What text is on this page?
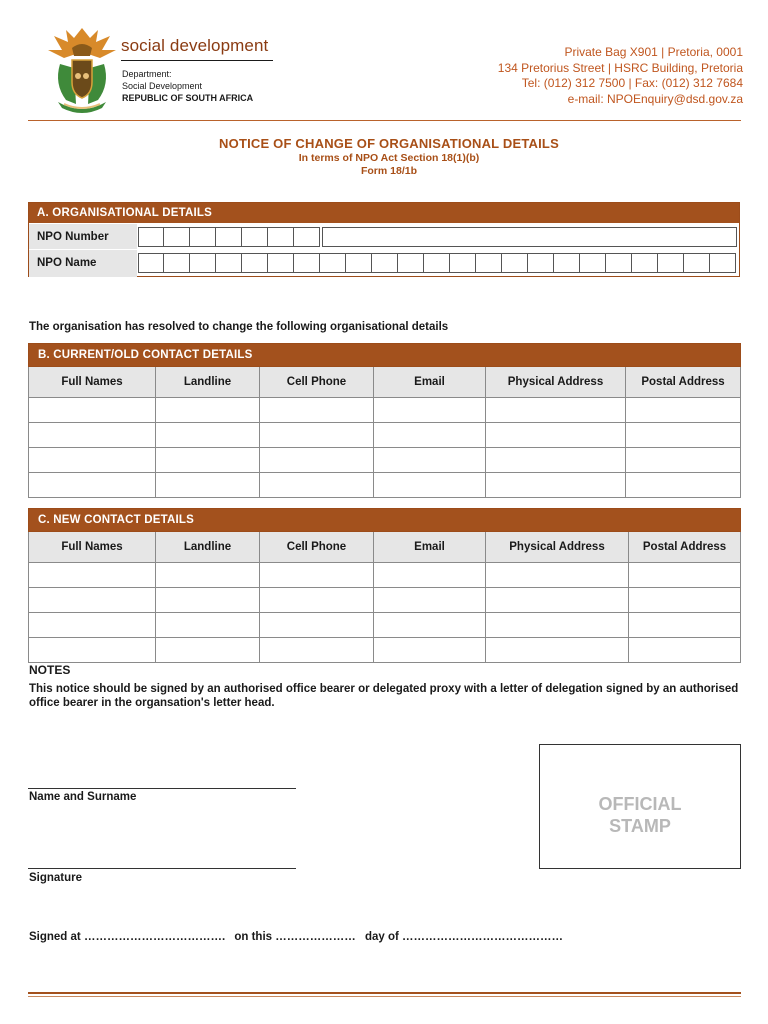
social development
Department:
Social Development
REPUBLIC OF SOUTH AFRICA
Private Bag X901 | Pretoria, 0001
134 Pretorius Street | HSRC Building, Pretoria
Tel: (012) 312 7500 | Fax: (012) 312 7684
e-mail: NPOEnquiry@dsd.gov.za
NOTICE OF CHANGE OF ORGANISATIONAL DETAILS
In terms of NPO Act Section 18(1)(b)
Form 18/1b
A. ORGANISATIONAL DETAILS
NPO Number
NPO Name
The organisation has resolved to change the following organisational details
B. CURRENT/OLD CONTACT DETAILS					
Full Names	Landline	Cell Phone	Email	Physical Address	Postal Address

C. NEW CONTACT DETAILS					
Full Names	Landline	Cell Phone	Email	Physical Address	Postal Address

NOTES
This notice should be signed by an authorised office bearer or delegated proxy with a letter of delegation signed by an authorised office bearer in the organsation's letter head.
Name and Surname
Signature
OFFICIAL
STAMP
Signed at ………………………………. on this ………………… day of ……………………………………
